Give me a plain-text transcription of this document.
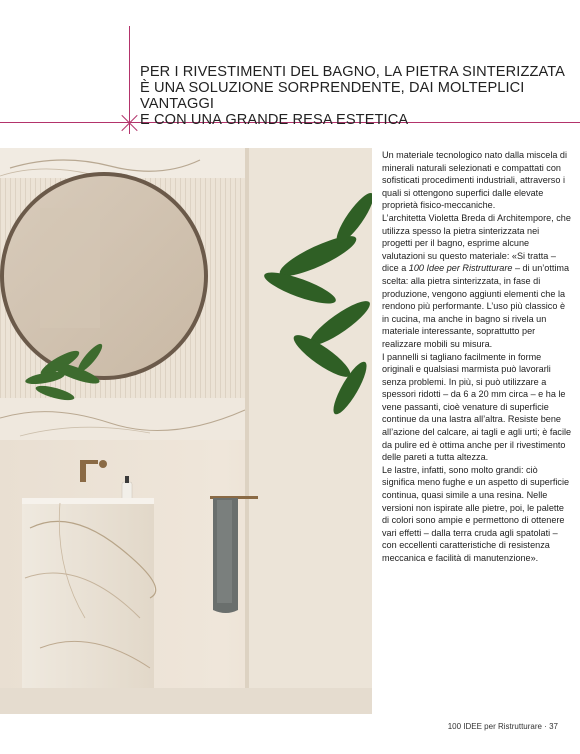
PER I RIVESTIMENTI DEL BAGNO, LA PIETRA SINTERIZZATA
È UNA SOLUZIONE SORPRENDENTE, DAI MOLTEPLICI VANTAGGI
E CON UNA GRANDE RESA ESTETICA

Un materiale tecnologico nato dalla miscela di minerali naturali selezionati e compattati con sofisticati procedimenti industriali, attraverso i quali si ottengono superfici dalle elevate proprietà fisico-meccaniche.

L’architetta Violetta Breda di Architempore, che utilizza spesso la pietra sinterizzata nei progetti per il bagno, esprime alcune valutazioni su questo materiale: «Si tratta – dice a 100 Idee per Ristrutturare – di un’ottima scelta: alla pietra sinterizzata, in fase di produzione, vengono aggiunti elementi che la rendono più performante. L’uso più classico è in cucina, ma anche in bagno si rivela un materiale interessante, soprattutto per realizzare mobili su misura.

I pannelli si tagliano facilmente in forme originali e qualsiasi marmista può lavorarli senza problemi. In più, si può utilizzare a spessori ridotti – da 6 a 20 mm circa – e ha le vene passanti, cioè venature di superficie continue da una lastra all’altra. Resiste bene all’azione del calcare, ai tagli e agli urti; è facile da pulire ed è ottima anche per il rivestimento delle pareti a tutta altezza.

Le lastre, infatti, sono molto grandi: ciò significa meno fughe e un aspetto di superficie continua, quasi simile a una resina. Nelle versioni non ispirate alle pietre, poi, le palette di colori sono ampie e permettono di ottenere vari effetti – dalla terra cruda agli spatolati – con eccellenti caratteristiche di resistenza meccanica e facilità di manutenzione».

100 IDEE per Ristrutturare · 37
